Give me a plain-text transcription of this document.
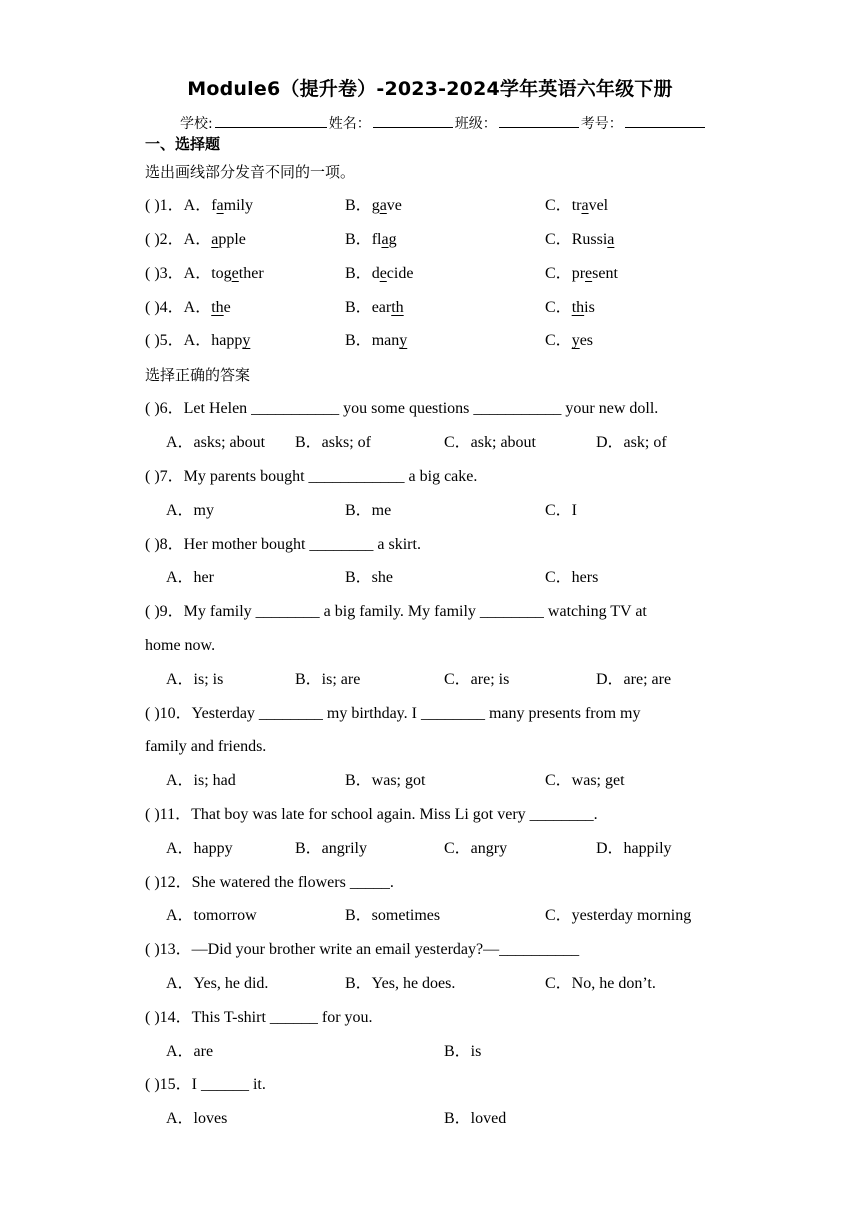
Module6（提升卷）-2023-2024学年英语六年级下册
学校:	姓名：	班级：	考号：
一、选择题
选出画线部分发音不同的一项。
( )1．A．family	B．gave	C．travel
( )2．A．apple	B．flag	C．Russia
( )3．A．together	B．decide	C．present
( )4．A．the	B．earth	C．this
( )5．A．happy	B．many	C．yes
选择正确的答案
( )6．Let Helen ___________ you some questions ___________ your new doll.
A．asks; about B．asks; of	C．ask; about	D．ask; of
( )7．My parents bought ____________ a big cake.
A．my	B．me	C．I
( )8．Her mother bought ________ a skirt.
A．her	B．she	C．hers
( )9．My family ________ a big family. My family ________ watching TV at
home now.
A．is; is	B．is; are	C．are; is	D．are; are
( )10．Yesterday ________ my birthday. I ________ many presents from my
family and friends.
A．is; had	B．was; got	C．was; get
( )11．That boy was late for school again. Miss Li got very ________.
A．happy	B．angrily	C．angry	D．happily
( )12．She watered the flowers _____.
A．tomorrow	B．sometimes	C．yesterday morning
( )13．—Did your brother write an email yesterday?—__________
A．Yes, he did.	B．Yes, he does.	C．No, he don’t.
( )14．This T-shirt ______ for you.
A．are	B．is
( )15．I ______ it.
A．loves	B．loved
